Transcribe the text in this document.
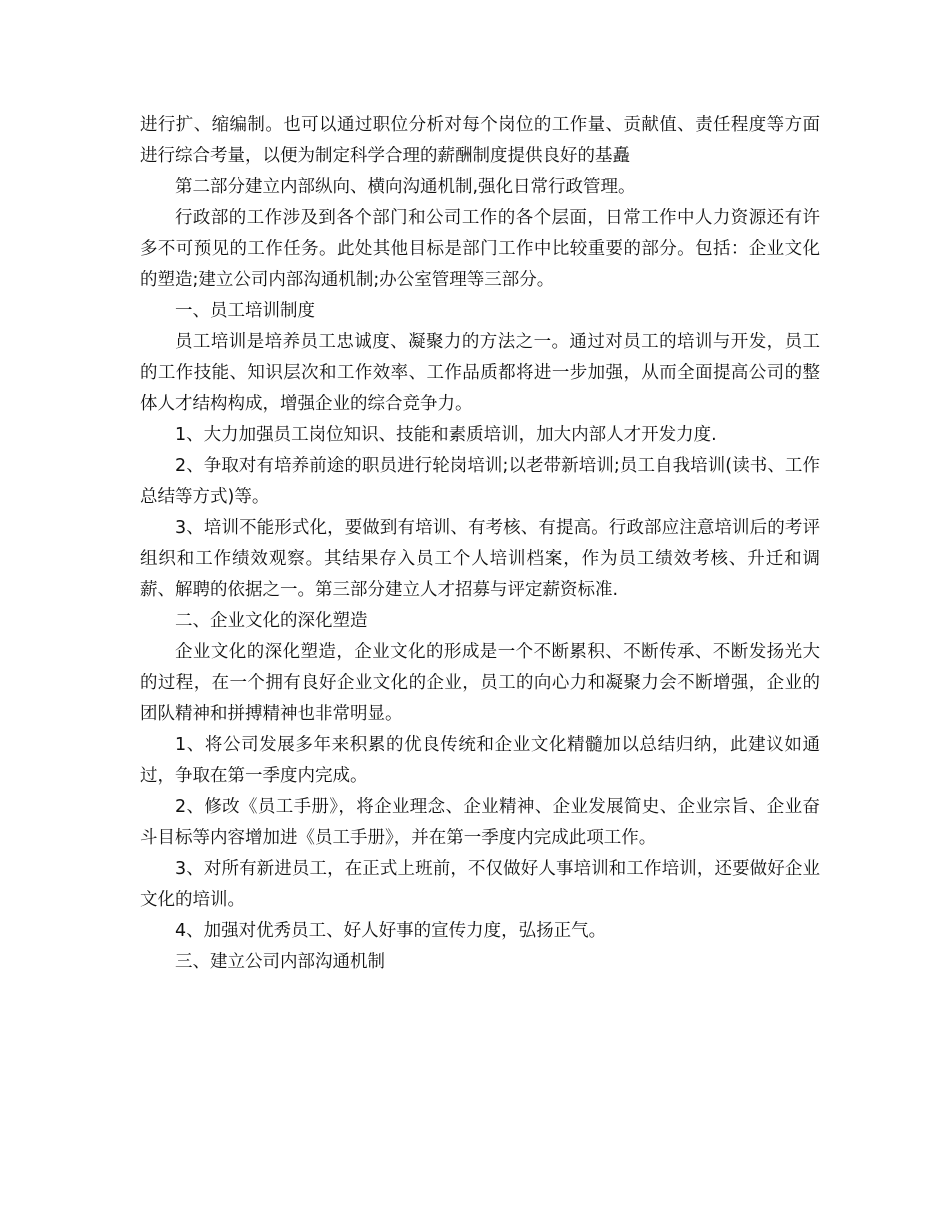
进行扩、缩编制。也可以通过职位分析对每个岗位的工作量、贡献值、责任程度等方面进行综合考量，以便为制定科学合理的薪酬制度提供良好的基矗

第二部分建立内部纵向、横向沟通机制,强化日常行政管理。

行政部的工作涉及到各个部门和公司工作的各个层面，日常工作中人力资源还有许多不可预见的工作任务。此处其他目标是部门工作中比较重要的部分。包括：企业文化的塑造;建立公司内部沟通机制;办公室管理等三部分。

一、员工培训制度

员工培训是培养员工忠诚度、凝聚力的方法之一。通过对员工的培训与开发，员工的工作技能、知识层次和工作效率、工作品质都将进一步加强，从而全面提高公司的整体人才结构构成，增强企业的综合竞争力。

1、大力加强员工岗位知识、技能和素质培训，加大内部人才开发力度.

2、争取对有培养前途的职员进行轮岗培训;以老带新培训;员工自我培训(读书、工作总结等方式)等。

3、培训不能形式化，要做到有培训、有考核、有提高。行政部应注意培训后的考评组织和工作绩效观察。其结果存入员工个人培训档案，作为员工绩效考核、升迁和调薪、解聘的依据之一。第三部分建立人才招募与评定薪资标准.

二、企业文化的深化塑造

企业文化的深化塑造，企业文化的形成是一个不断累积、不断传承、不断发扬光大的过程，在一个拥有良好企业文化的企业，员工的向心力和凝聚力会不断增强，企业的团队精神和拼搏精神也非常明显。

1、将公司发展多年来积累的优良传统和企业文化精髓加以总结归纳，此建议如通过，争取在第一季度内完成。

2、修改《员工手册》，将企业理念、企业精神、企业发展简史、企业宗旨、企业奋斗目标等内容增加进《员工手册》，并在第一季度内完成此项工作。

3、对所有新进员工，在正式上班前，不仅做好人事培训和工作培训，还要做好企业文化的培训。

4、加强对优秀员工、好人好事的宣传力度，弘扬正气。

三、建立公司内部沟通机制
